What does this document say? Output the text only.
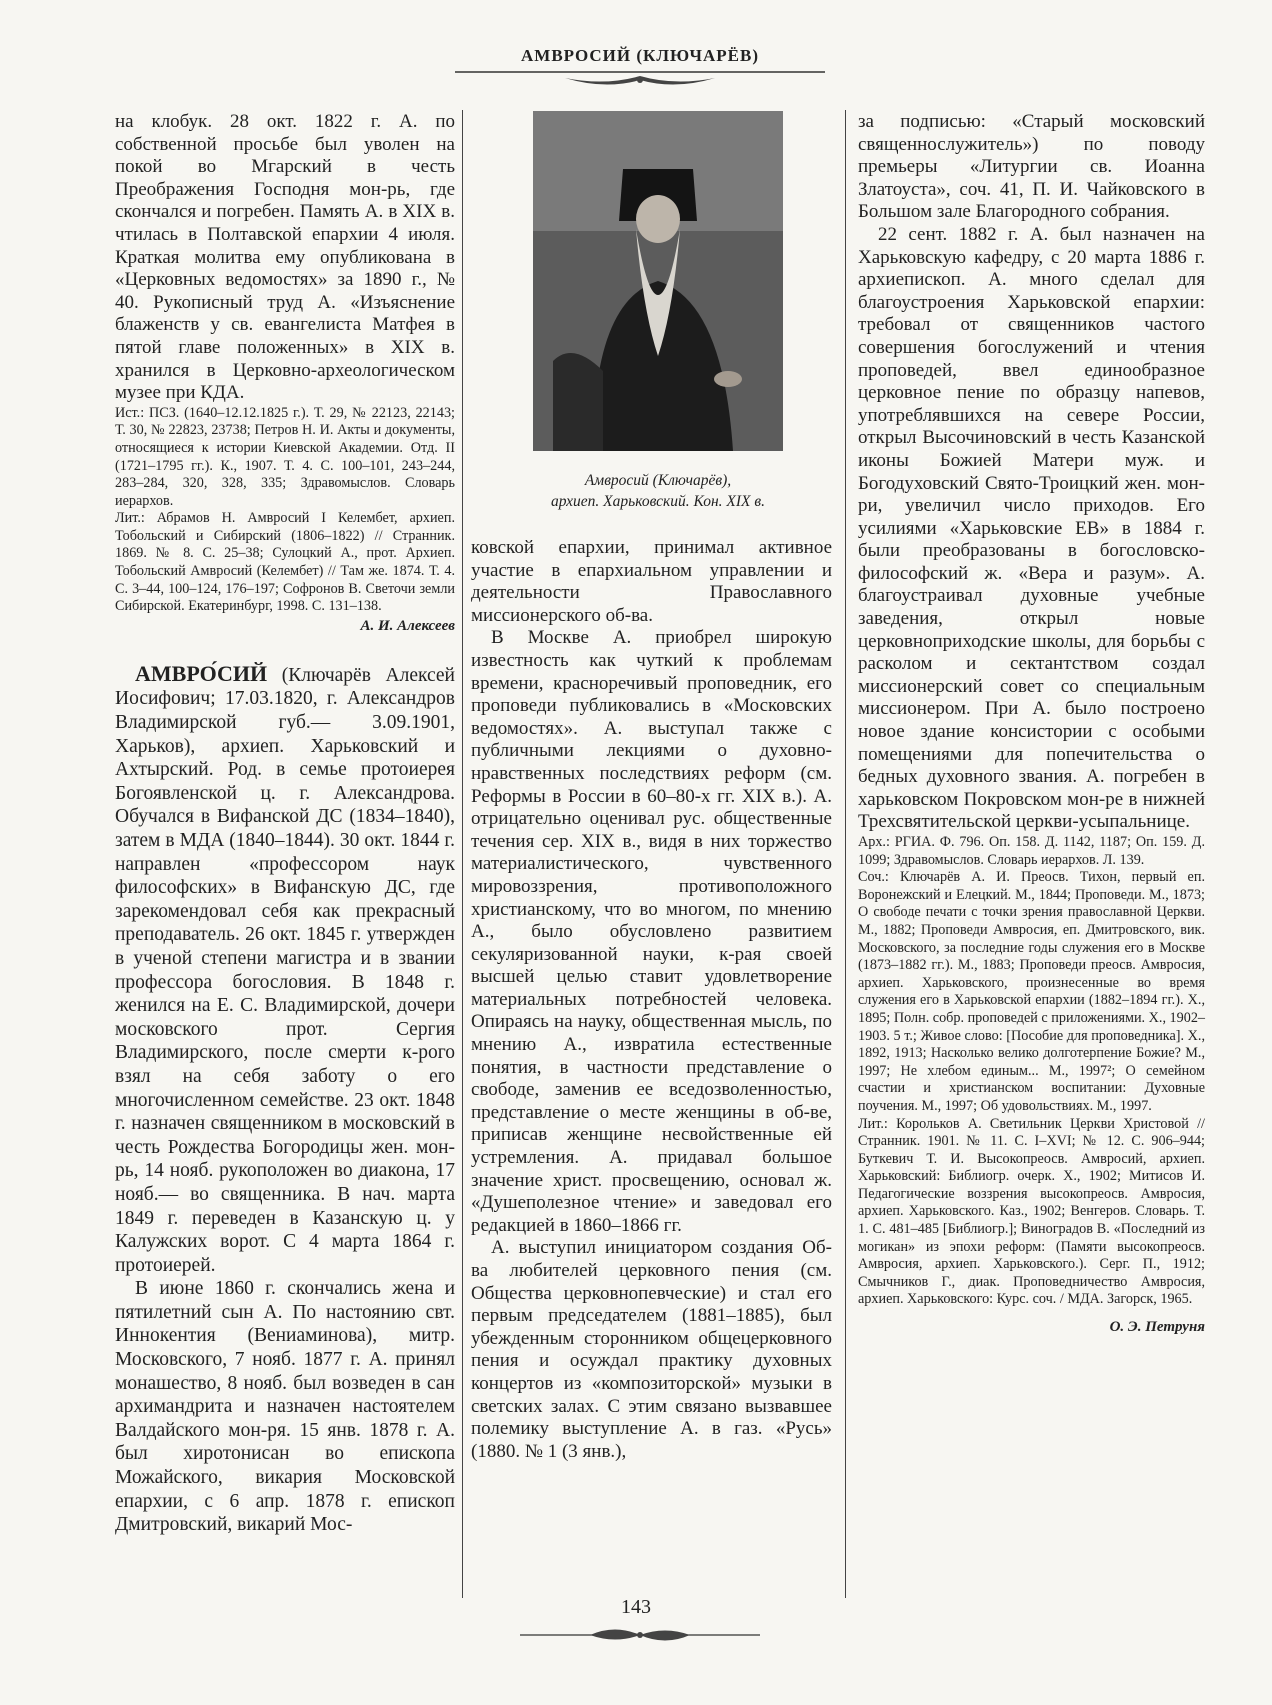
АМВРОСИЙ (КЛЮЧАРЁВ)

на клобук. 28 окт. 1822 г. А. по собственной просьбе был уволен на покой во Мгарский в честь Преображения Господня мон-рь, где скончался и погребен. Память А. в XIX в. чтилась в Полтавской епархии 4 июля. Краткая молитва ему опубликована в «Церковных ведомостях» за 1890 г., № 40. Рукописный труд А. «Изъяснение блаженств у св. евангелиста Матфея в пятой главе положенных» в XIX в. хранился в Церковно-археологическом музее при КДА.

Ист.: ПСЗ. (1640–12.12.1825 г.). Т. 29, № 22123, 22143; Т. 30, № 22823, 23738; Петров Н. И. Акты и документы, относящиеся к истории Киевской Академии. Отд. II (1721–1795 гг.). К., 1907. Т. 4. С. 100–101, 243–244, 283–284, 320, 328, 335; Здравомыслов. Словарь иерархов.
Лит.: Абрамов Н. Амвросий I Келембет, архиеп. Тобольский и Сибирский (1806–1822) // Странник. 1869. № 8. С. 25–38; Сулоцкий А., прот. Архиеп. Тобольский Амвросий (Келембет) // Там же. 1874. Т. 4. С. 3–44, 100–124, 176–197; Софронов В. Светочи земли Сибирской. Екатеринбург, 1998. С. 131–138.
А. И. Алексеев

АМВРО́СИЙ (Ключарёв Алексей Иосифович; 17.03.1820, г. Александров Владимирской губ.— 3.09.1901, Харьков), архиеп. Харьковский и Ахтырский. Род. в семье протоиерея Богоявленской ц. г. Александрова. Обучался в Вифанской ДС (1834–1840), затем в МДА (1840–1844). 30 окт. 1844 г. направлен «профессором наук философских» в Вифанскую ДС, где зарекомендовал себя как прекрасный преподаватель. 26 окт. 1845 г. утвержден в ученой степени магистра и в звании профессора богословия. В 1848 г. женился на Е. С. Владимирской, дочери московского прот. Сергия Владимирского, после смерти к-рого взял на себя заботу о его многочисленном семействе. 23 окт. 1848 г. назначен священником в московский в честь Рождества Богородицы жен. мон-рь, 14 нояб. рукоположен во диакона, 17 нояб.— во священника. В нач. марта 1849 г. переведен в Казанскую ц. у Калужских ворот. С 4 марта 1864 г. протоиерей.

В июне 1860 г. скончались жена и пятилетний сын А. По настоянию свт. Иннокентия (Вениаминова), митр. Московского, 7 нояб. 1877 г. А. принял монашество, 8 нояб. был возведен в сан архимандрита и назначен настоятелем Валдайского мон-ря. 15 янв. 1878 г. А. был хиротонисан во епископа Можайского, викария Московской епархии, с 6 апр. 1878 г. епископ Дмитровский, викарий Мос-

Амвросий (Ключарёв),
архиеп. Харьковский. Кон. XIX в.

ковской епархии, принимал активное участие в епархиальном управлении и деятельности Православного миссионерского об-ва.

В Москве А. приобрел широкую известность как чуткий к проблемам времени, красноречивый проповедник, его проповеди публиковались в «Московских ведомостях». А. выступал также с публичными лекциями о духовно-нравственных последствиях реформ (см. Реформы в России в 60–80-х гг. XIX в.). А. отрицательно оценивал рус. общественные течения сер. XIX в., видя в них торжество материалистического, чувственного мировоззрения, противоположного христианскому, что во многом, по мнению А., было обусловлено развитием секуляризованной науки, к-рая своей высшей целью ставит удовлетворение материальных потребностей человека. Опираясь на науку, общественная мысль, по мнению А., извратила естественные понятия, в частности представление о свободе, заменив ее вседозволенностью, представление о месте женщины в об-ве, приписав женщине несвойственные ей устремления. А. придавал большое значение христ. просвещению, основал ж. «Душеполезное чтение» и заведовал его редакцией в 1860–1866 гг.

А. выступил инициатором создания Об-ва любителей церковного пения (см. Общества церковнопевческие) и стал его первым председателем (1881–1885), был убежденным сторонником общецерковного пения и осуждал практику духовных концертов из «композиторской» музыки в светских залах. С этим связано вызвавшее полемику выступление А. в газ. «Русь» (1880. № 1 (3 янв.),

за подписью: «Старый московский священнослужитель») по поводу премьеры «Литургии св. Иоанна Златоуста», соч. 41, П. И. Чайковского в Большом зале Благородного собрания.

22 сент. 1882 г. А. был назначен на Харьковскую кафедру, с 20 марта 1886 г. архиепископ. А. много сделал для благоустроения Харьковской епархии: требовал от священников частого совершения богослужений и чтения проповедей, ввел единообразное церковное пение по образцу напевов, употреблявшихся на севере России, открыл Высочиновский в честь Казанской иконы Божией Матери муж. и Богодуховский Свято-Троицкий жен. мон-ри, увеличил число приходов. Его усилиями «Харьковские ЕВ» в 1884 г. были преобразованы в богословско-философский ж. «Вера и разум». А. благоустраивал духовные учебные заведения, открыл новые церковноприходские школы, для борьбы с расколом и сектантством создал миссионерский совет со специальным миссионером. При А. было построено новое здание консистории с особыми помещениями для попечительства о бедных духовного звания. А. погребен в харьковском Покровском мон-ре в нижней Трехсвятительской церкви-усыпальнице.

Арх.: РГИА. Ф. 796. Оп. 158. Д. 1142, 1187; Оп. 159. Д. 1099; Здравомыслов. Словарь иерархов. Л. 139.
Соч.: Ключарёв А. И. Преосв. Тихон, первый еп. Воронежский и Елецкий. М., 1844; Проповеди. М., 1873; О свободе печати с точки зрения православной Церкви. М., 1882; Проповеди Амвросия, еп. Дмитровского, вик. Московского, за последние годы служения его в Москве (1873–1882 гг.). М., 1883; Проповеди преосв. Амвросия, архиеп. Харьковского, произнесенные во время служения его в Харьковской епархии (1882–1894 гг.). Х., 1895; Полн. собр. проповедей с приложениями. Х., 1902–1903. 5 т.; Живое слово: [Пособие для проповедника]. Х., 1892, 1913; Насколько велико долготерпение Божие? М., 1997; Не хлебом единым... М., 1997²; О семейном счастии и христианском воспитании: Духовные поучения. М., 1997; Об удовольствиях. М., 1997.
Лит.: Корольков А. Светильник Церкви Христовой // Странник. 1901. № 11. С. I–XVI; № 12. С. 906–944; Буткевич Т. И. Высокопреосв. Амвросий, архиеп. Харьковский: Библиогр. очерк. Х., 1902; Митисов И. Педагогические воззрения высокопреосв. Амвросия, архиеп. Харьковского. Каз., 1902; Венгеров. Словарь. Т. 1. С. 481–485 [Библиогр.]; Виноградов В. «Последний из могикан» из эпохи реформ: (Памяти высокопреосв. Амвросия, архиеп. Харьковского.). Серг. П., 1912; Смычников Г., диак. Проповедничество Амвросия, архиеп. Харьковского: Курс. соч. / МДА. Загорск, 1965.
О. Э. Петруня
143
